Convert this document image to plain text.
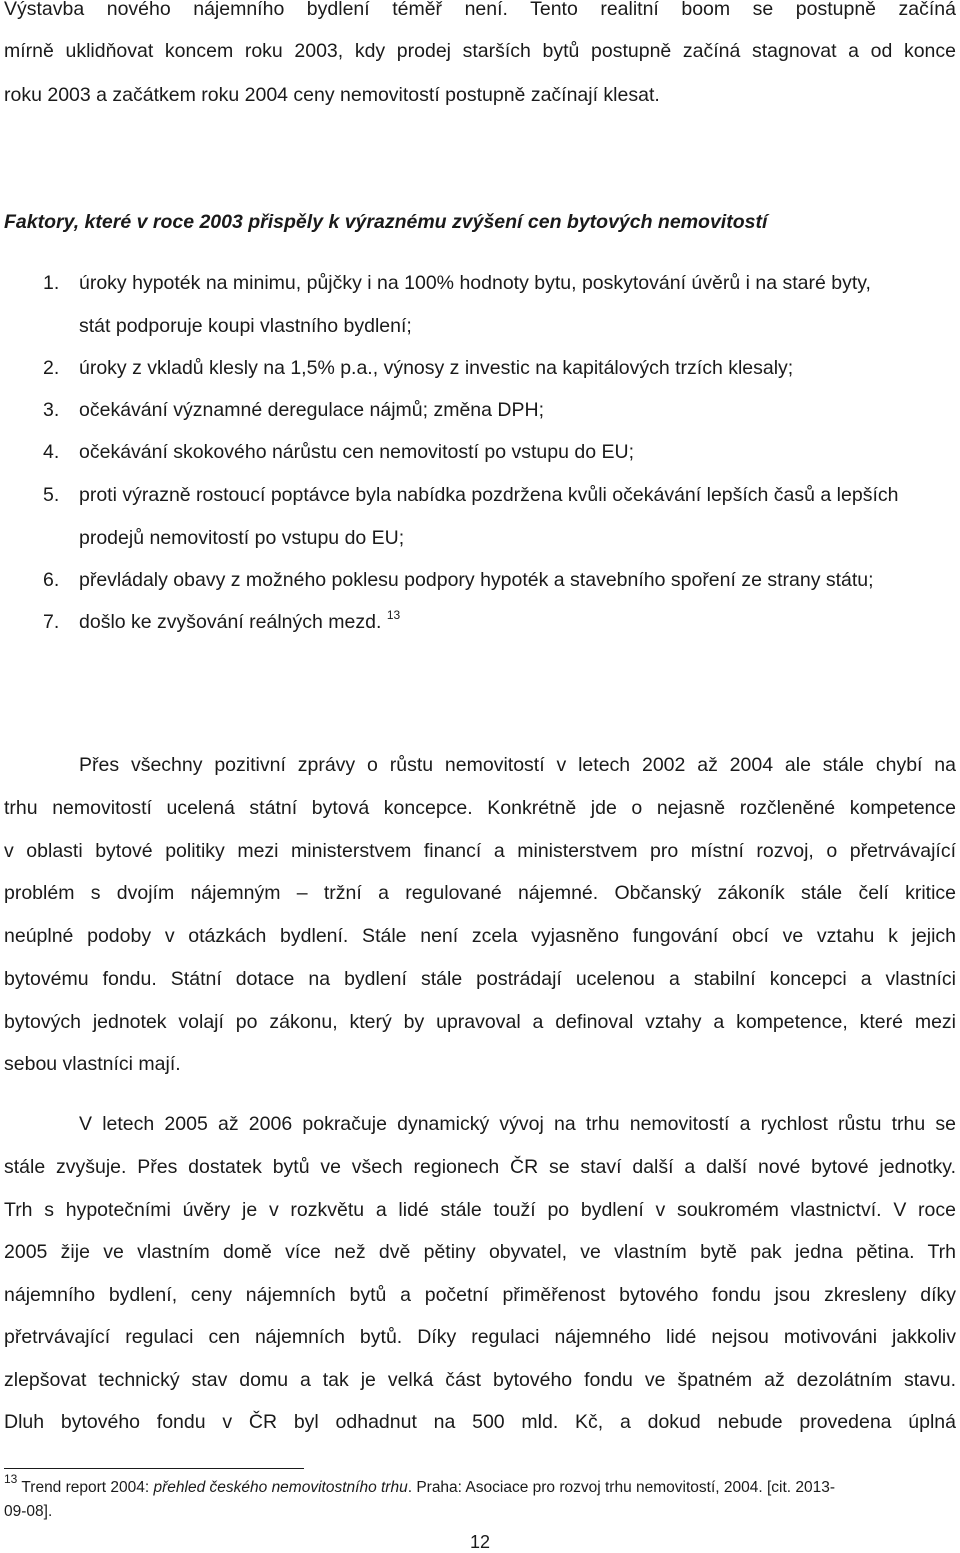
Výstavba nového nájemního bydlení téměř není. Tento realitní boom se postupně začíná
mírně uklidňovat koncem roku 2003, kdy prodej starších bytů postupně začíná stagnovat a od konce
roku 2003 a začátkem roku 2004 ceny nemovitostí postupně začínají klesat.
Faktory, které v roce 2003 přispěly k výraznému zvýšení cen bytových nemovitostí
1. úroky hypoték na minimu, půjčky i na 100% hodnoty bytu, poskytování úvěrů i na staré byty,
stát podporuje koupi vlastního bydlení;
2. úroky z vkladů klesly na 1,5% p.a., výnosy z investic na kapitálových trzích klesaly;
3. očekávání významné deregulace nájmů; změna DPH;
4. očekávání skokového nárůstu cen nemovitostí po vstupu do EU;
5. proti výrazně rostoucí poptávce byla nabídka pozdržena kvůli očekávání lepších časů a lepších
prodejů nemovitostí po vstupu do EU;
6. převládaly obavy z možného poklesu podpory hypoték a stavebního spoření ze strany státu;
7. došlo ke zvyšování reálných mezd. $^{13}$
Přes všechny pozitivní zprávy o růstu nemovitostí v letech 2002 až 2004 ale stále chybí na
trhu nemovitostí ucelená státní bytová koncepce. Konkrétně jde o nejasně rozčleněné kompetence
v oblasti bytové politiky mezi ministerstvem financí a ministerstvem pro místní rozvoj, o přetrvávající
problém s dvojím nájemným – tržní a regulované nájemné. Občanský zákoník stále čelí kritice
neúplné podoby v otázkách bydlení. Stále není zcela vyjasněno fungování obcí ve vztahu k jejich
bytovému fondu. Státní dotace na bydlení stále postrádají ucelenou a stabilní koncepci a vlastníci
bytových jednotek volají po zákonu, který by upravoval a definoval vztahy a kompetence, které mezi
sebou vlastníci mají.
V letech 2005 až 2006 pokračuje dynamický vývoj na trhu nemovitostí a rychlost růstu trhu se
stále zvyšuje. Přes dostatek bytů ve všech regionech ČR se staví další a další nové bytové jednotky.
Trh s hypotečními úvěry je v rozkvětu a lidé stále touží po bydlení v soukromém vlastnictví. V roce
2005 žije ve vlastním domě více než dvě pětiny obyvatel, ve vlastním bytě pak jedna pětina. Trh
nájemního bydlení, ceny nájemních bytů a početní přiměřenost bytového fondu jsou zkresleny díky
přetrvávající regulaci cen nájemních bytů. Díky regulaci nájemného lidé nejsou motivováni jakkoliv
zlepšovat technický stav domu a tak je velká část bytového fondu ve špatném až dezolátním stavu.
Dluh bytového fondu v ČR byl odhadnut na 500 mld. Kč, a dokud nebude provedena úplná
$^{13}$ Trend report 2004: přehled českého nemovitostního trhu. Praha: Asociace pro rozvoj trhu nemovitostí, 2004. [cit. 2013-
09-08].
12
